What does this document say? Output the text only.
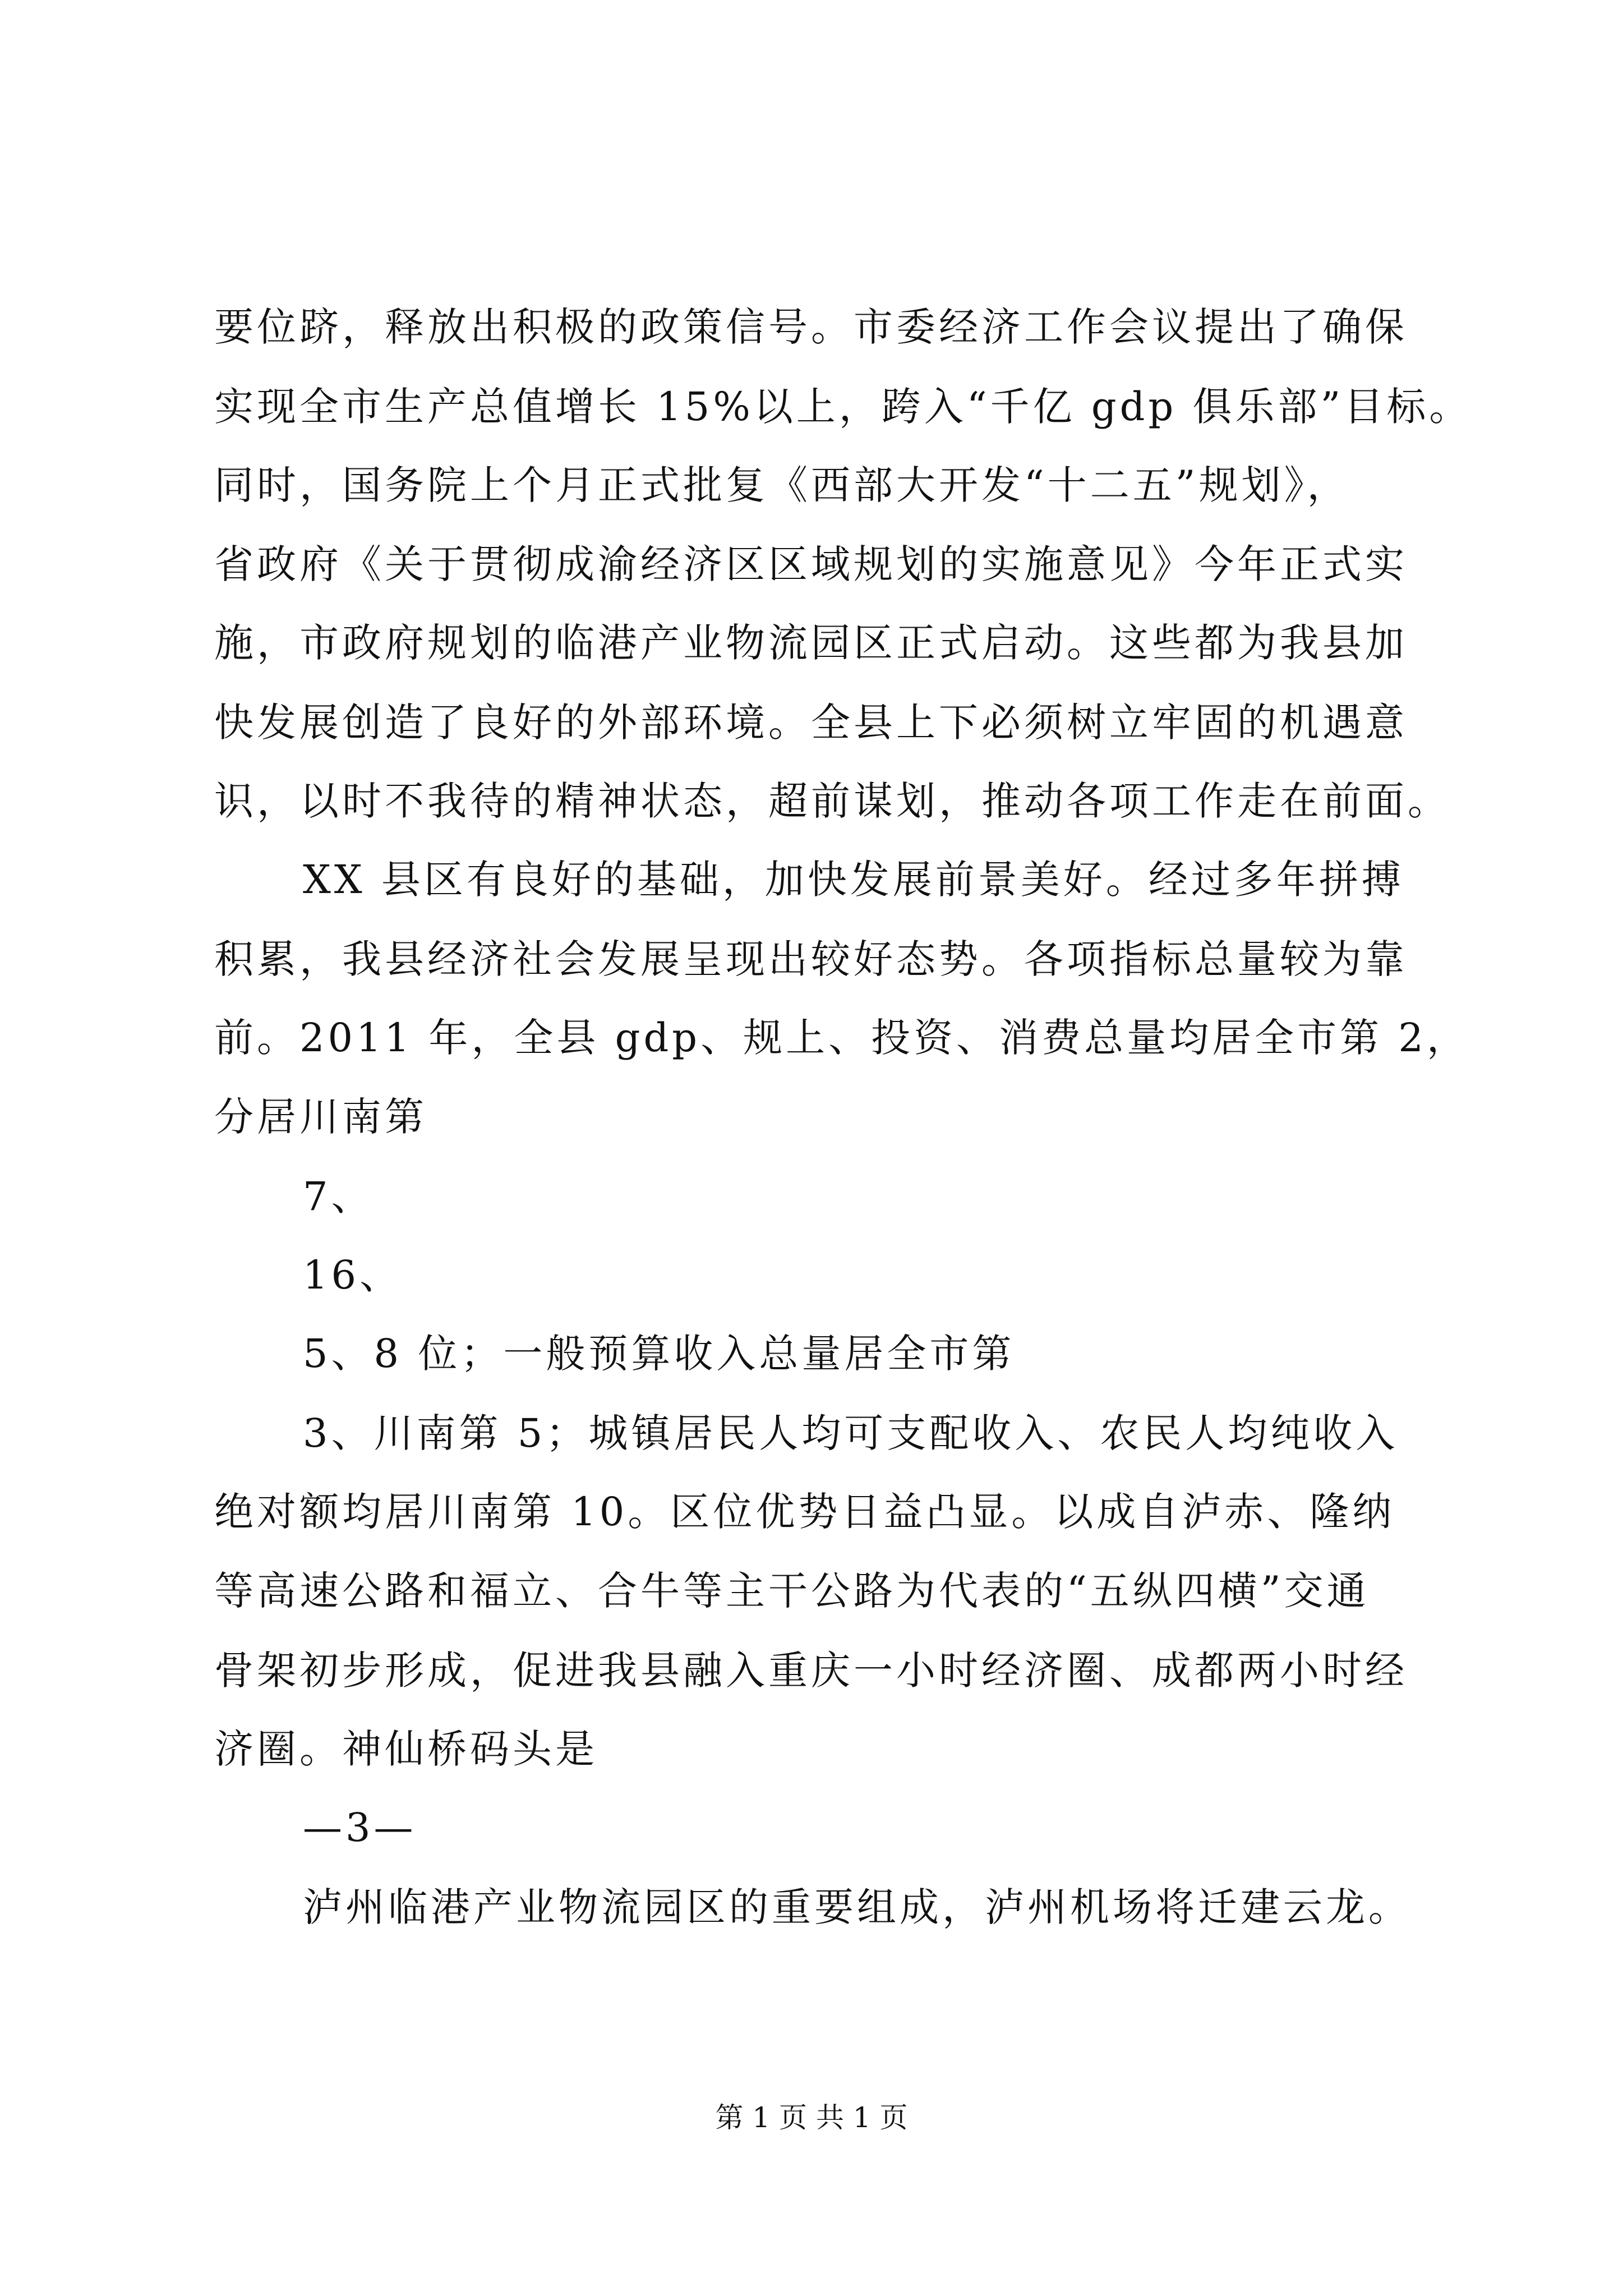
要位跻，释放出积极的政策信号。市委经济工作会议提出了确保
实现全市生产总值增长 15%以上，跨入“千亿 gdp 俱乐部”目标。
同时，国务院上个月正式批复《西部大开发“十二五”规划》，
省政府《关于贯彻成渝经济区区域规划的实施意见》今年正式实
施，市政府规划的临港产业物流园区正式启动。这些都为我县加
快发展创造了良好的外部环境。全县上下必须树立牢固的机遇意
识，以时不我待的精神状态，超前谋划，推动各项工作走在前面。
XX 县区有良好的基础，加快发展前景美好。经过多年拼搏
积累，我县经济社会发展呈现出较好态势。各项指标总量较为靠
前。2011 年，全县 gdp、规上、投资、消费总量均居全市第 2，
分居川南第
7、
16、
5、8 位；一般预算收入总量居全市第
3、川南第 5；城镇居民人均可支配收入、农民人均纯收入
绝对额均居川南第 10。区位优势日益凸显。以成自泸赤、隆纳
等高速公路和福立、合牛等主干公路为代表的“五纵四横”交通
骨架初步形成，促进我县融入重庆一小时经济圈、成都两小时经
济圈。神仙桥码头是
—3—
泸州临港产业物流园区的重要组成，泸州机场将迁建云龙。
第 1 页 共 1 页
